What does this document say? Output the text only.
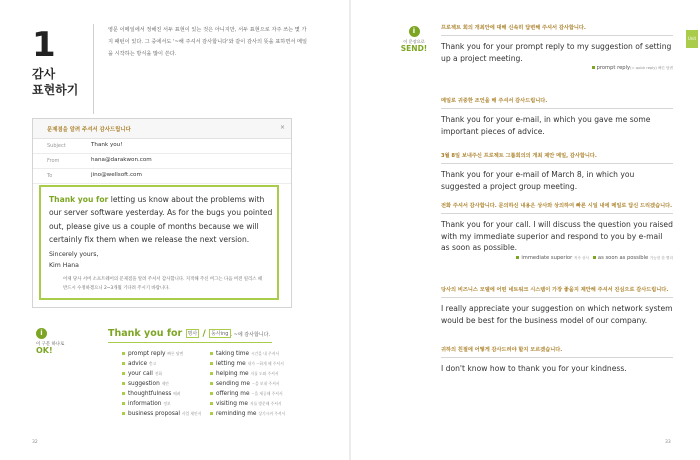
1
감사
표현하기
영문 이메일에서 정해진 서두 표현이 있는 것은 아니지만, 서두 표현으로 자주 쓰는 몇 가지 패턴이 있다. 그 중에서도 '~해 주셔서 감사합니다'와 같이 감사의 뜻을 표하면서 메일을 시작하는 방식을 많이 쓴다.
문제점을 알려 주셔서 감사드립니다	×
Subject	Thank you!
From	hana@darakwon.com
To	jino@wellsoft.com
Thank you for letting us know about the problems with our server software yesterday. As for the bugs you pointed out, please give us a couple of months because we will certainly fix them when we release the next version.
Sincerely yours,
Kim Hana
어제 당사 서버 소프트웨어의 문제점을 알려 주셔서 감사합니다. 지적해 주신 버그는 다음 버전 릴리스 때 반드시 수정하겠으니 2~3개월 기다려 주시기 바랍니다.
i
이 구문 하나로
OK!
Thank you for 명사 / 동사ing . ~에 감사합니다.
prompt reply 빠른 답변
advice 충고
your call 전화
suggestion 제안
thoughtfulness 배려
information 정보
business proposal 사업 제안서
taking time 시간을 내 주셔서
letting me 내가 ~하게 해 주셔서
helping me 저를 도와 주셔서
sending me ~을 보내 주셔서
offering me ~을 제공해 주셔서
visiting me 저를 방문해 주셔서
reminding me 상기시켜 주셔서
32
i
이 문장으로
SEND!
Unit
프로젝트 회의 개최안에 대해 신속히 답변해 주셔서 감사합니다.
Thank you for your prompt reply to my suggestion of setting up a project meeting.
prompt reply(= quick reply) 빠른 답변
메일로 귀중한 조언을 해 주셔서 감사드립니다.
Thank you for your e-mail, in which you gave me some important pieces of advice.
3월 8일 보내주신 프로젝트 그룹회의의 개최 제안 메일, 감사합니다.
Thank you for your e-mail of March 8, in which you suggested a project group meeting.
전화 주셔서 감사합니다. 문의하신 내용은 상사와 상의하여 빠른 시일 내에 메일로 답신 드리겠습니다.
Thank you for your call. I will discuss the question you raised with my immediate superior and respond to you by e-mail as soon as possible.
immediate superior 직속 상사 as soon as possible 가능한 한 빨리
당사의 비즈니스 모델에 어떤 네트워크 시스템이 가장 좋을지 제안해 주셔서 진심으로 감사드립니다.
I really appreciate your suggestion on which network system would be best for the business model of our company.
귀하의 친절에 어떻게 감사드려야 할지 모르겠습니다.
I don't know how to thank you for your kindness.
33
